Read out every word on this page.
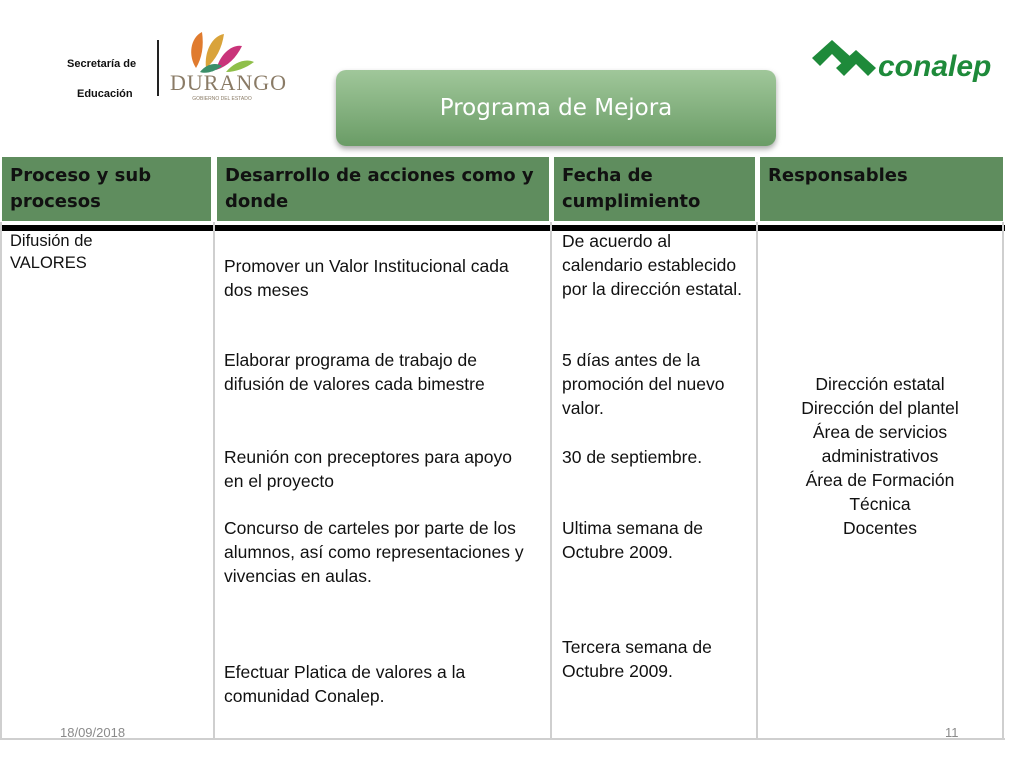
Secretaría de
Educación DURANGO
GOBIERNO DEL ESTADO
conalep
Programa de Mejora
Proceso y sub procesos
Desarrollo de acciones como y donde
Fecha de cumplimiento
Responsables
Difusión de VALORES	Promover un Valor Institucional cada dos meses
Elaborar programa de trabajo de difusión de valores cada bimestre
Reunión con preceptores para apoyo en el proyecto
Concurso de carteles por parte de los alumnos, así como representaciones y vivencias en aulas.
Efectuar Platica de valores a la comunidad Conalep.
De acuerdo al calendario establecido por la dirección estatal.
5 días antes de la promoción del nuevo valor.
30 de septiembre.
Ultima semana de Octubre 2009.
Tercera semana de Octubre 2009.
Dirección estatal
Dirección del plantel
Área de servicios administrativos
Área de Formación Técnica
Docentes
18/09/2018	11
